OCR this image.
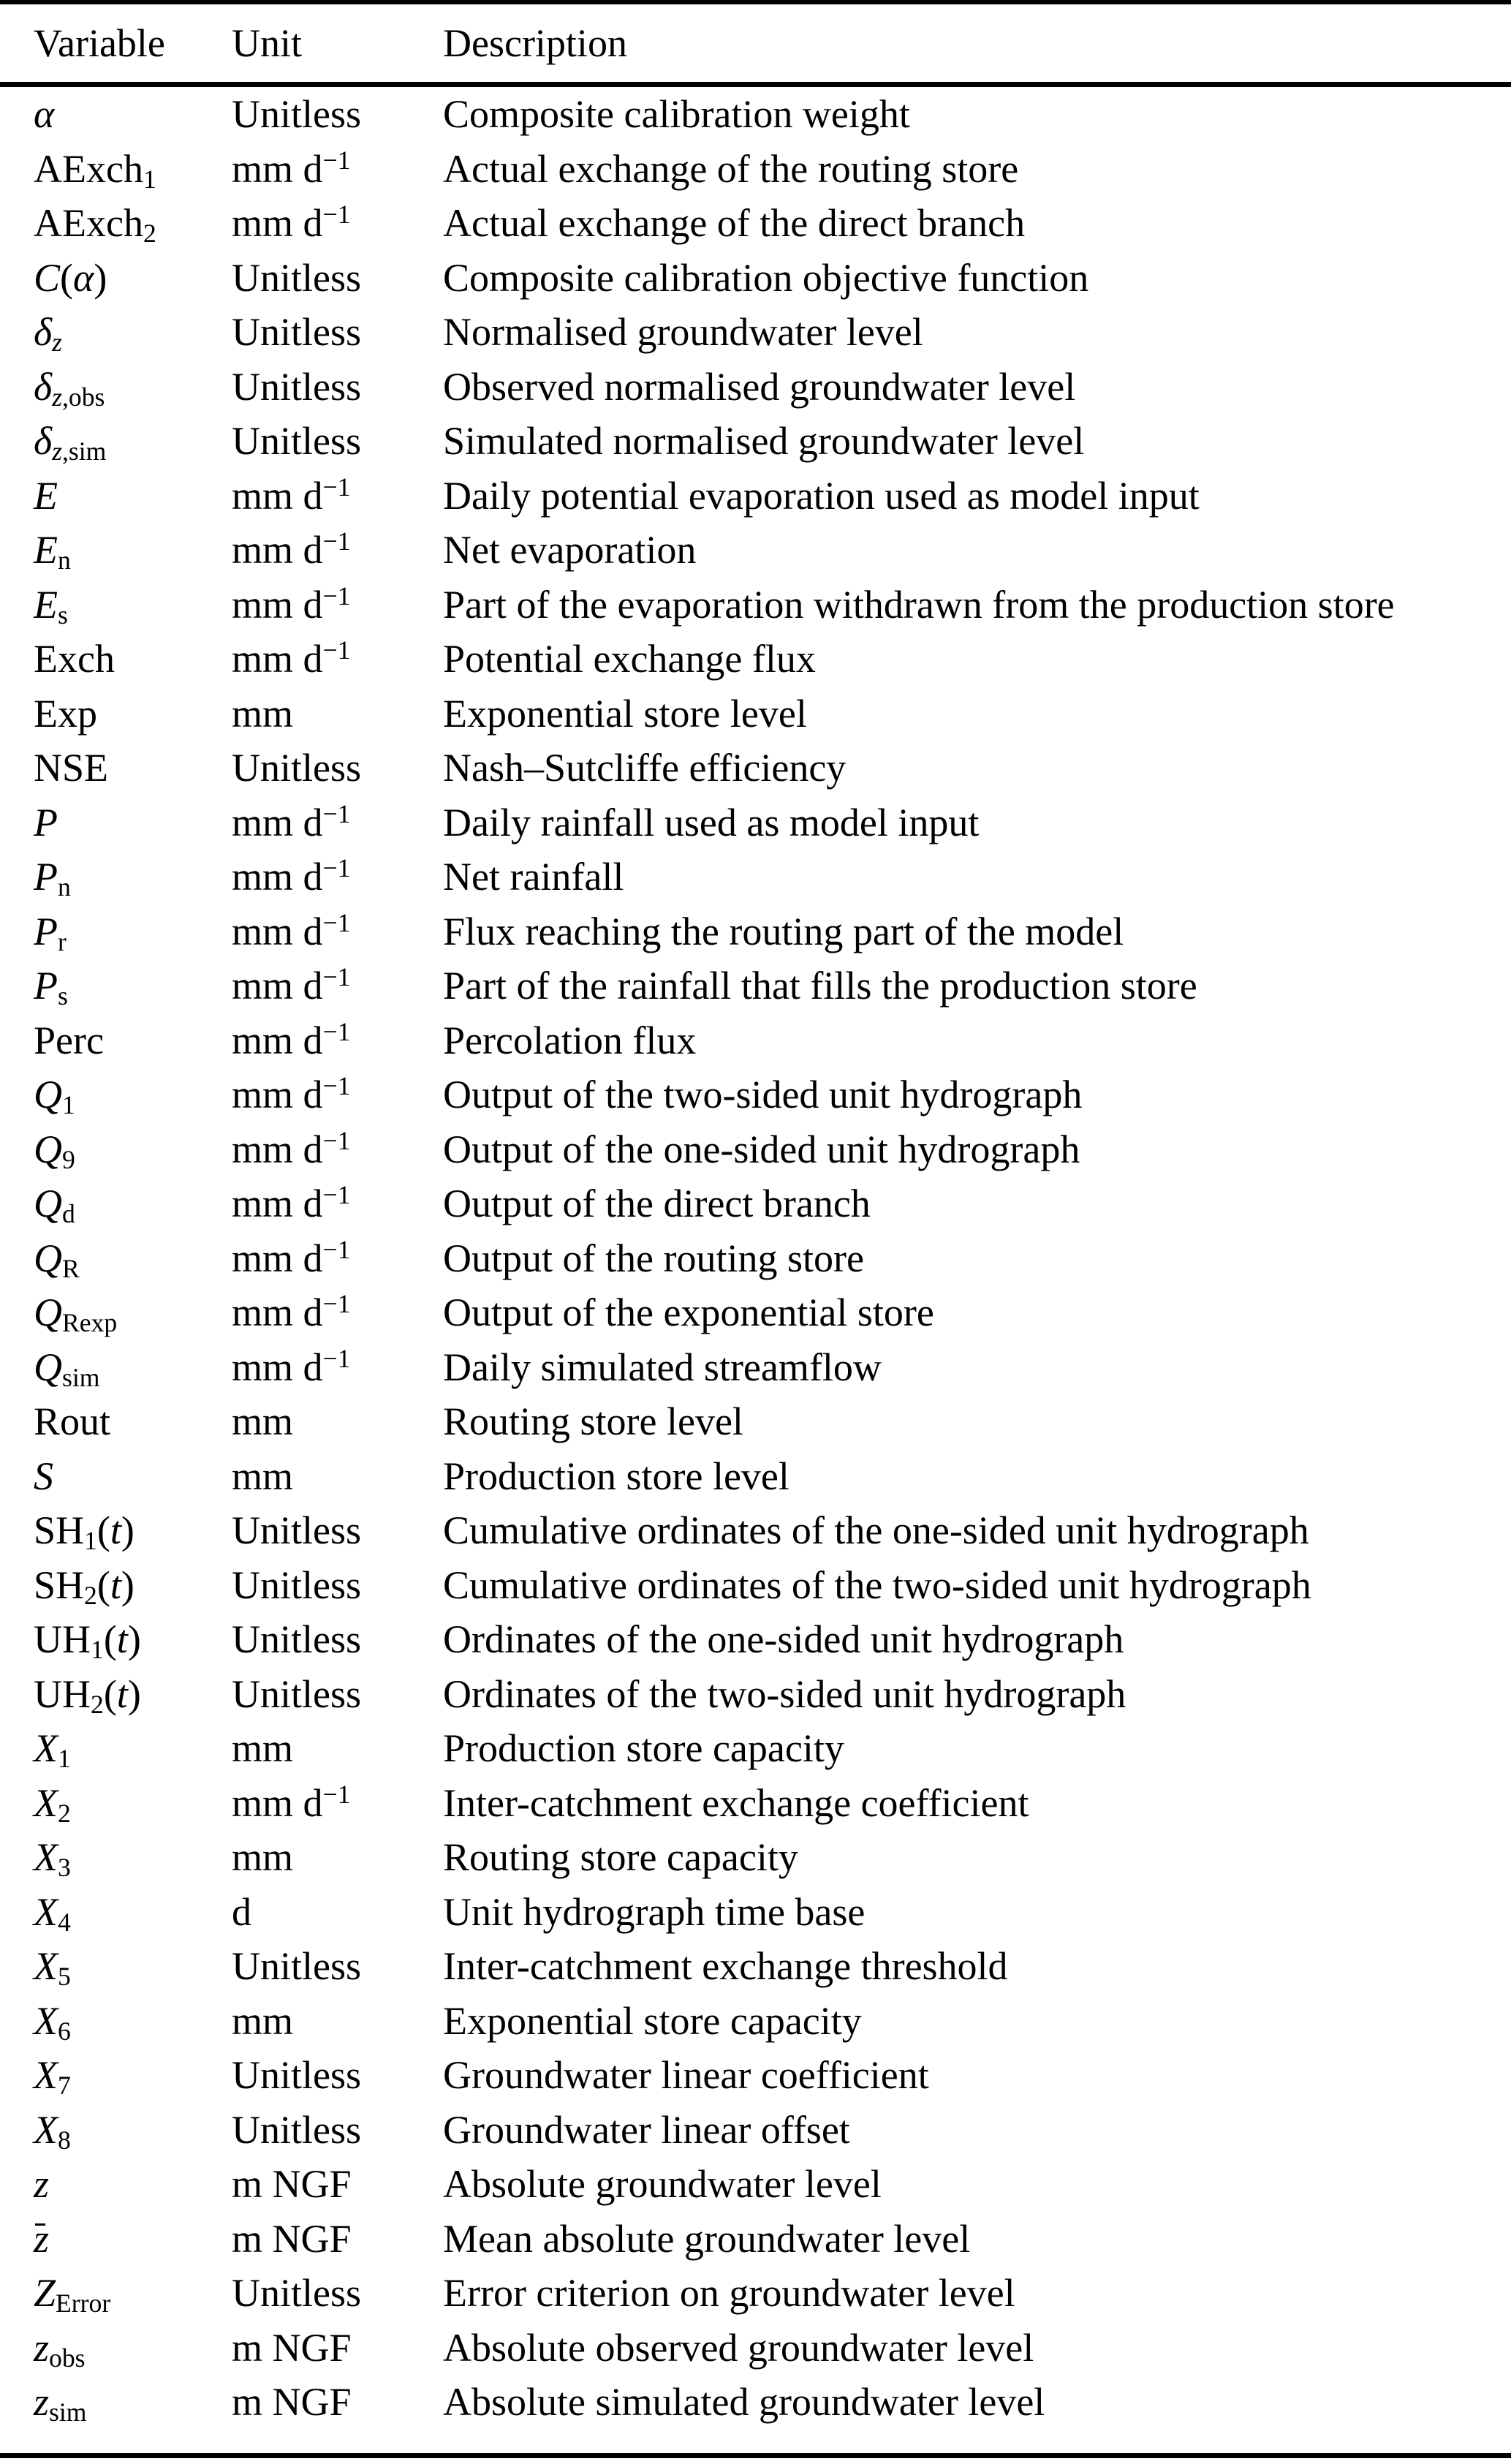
Variable	Unit	Description
α	Unitless	Composite calibration weight
AExch$_1$	mm $d^{-1}$	Actual exchange of the routing store
AExch$_2$	mm $d^{-1}$	Actual exchange of the direct branch
C(α)	Unitless	Composite calibration objective function
$\delta_z$	Unitless	Normalised groundwater level
$\delta_{z,obs}$	Unitless	Observed normalised groundwater level
$\delta_{z,sim}$	Unitless	Simulated normalised groundwater level
E	mm $d^{-1}$	Daily potential evaporation used as model input
$E_n$	mm $d^{-1}$	Net evaporation
$E_s$	mm $d^{-1}$	Part of the evaporation withdrawn from the production store
Exch	mm $d^{-1}$	Potential exchange flux
Exp	mm	Exponential store level
NSE	Unitless	Nash–Sutcliffe efficiency
P	mm $d^{-1}$	Daily rainfall used as model input
$P_n$	mm $d^{-1}$	Net rainfall
$P_r$	mm $d^{-1}$	Flux reaching the routing part of the model
$P_s$	mm $d^{-1}$	Part of the rainfall that fills the production store
Perc	mm $d^{-1}$	Percolation flux
$Q_1$	mm $d^{-1}$	Output of the two-sided unit hydrograph
$Q_9$	mm $d^{-1}$	Output of the one-sided unit hydrograph
$Q_d$	mm $d^{-1}$	Output of the direct branch
$Q_R$	mm $d^{-1}$	Output of the routing store
$Q_{Rexp}$	mm $d^{-1}$	Output of the exponential store
$Q_{sim}$	mm $d^{-1}$	Daily simulated streamflow
Rout	mm	Routing store level
S	mm	Production store level
$SH_1(t)$	Unitless	Cumulative ordinates of the one-sided unit hydrograph
$SH_2(t)$	Unitless	Cumulative ordinates of the two-sided unit hydrograph
$UH_1(t)$	Unitless	Ordinates of the one-sided unit hydrograph
$UH_2(t)$	Unitless	Ordinates of the two-sided unit hydrograph
$X_1$	mm	Production store capacity
$X_2$	mm $d^{-1}$	Inter-catchment exchange coefficient
$X_3$	mm	Routing store capacity
$X_4$	d	Unit hydrograph time base
$X_5$	Unitless	Inter-catchment exchange threshold
$X_6$	mm	Exponential store capacity
$X_7$	Unitless	Groundwater linear coefficient
$X_8$	Unitless	Groundwater linear offset
z	m NGF	Absolute groundwater level
z	m NGF	Mean absolute groundwater level
$Z_{Error}$	Unitless	Error criterion on groundwater level
$z_{obs}$	m NGF	Absolute observed groundwater level
$z_{sim}$	m NGF	Absolute simulated groundwater level
